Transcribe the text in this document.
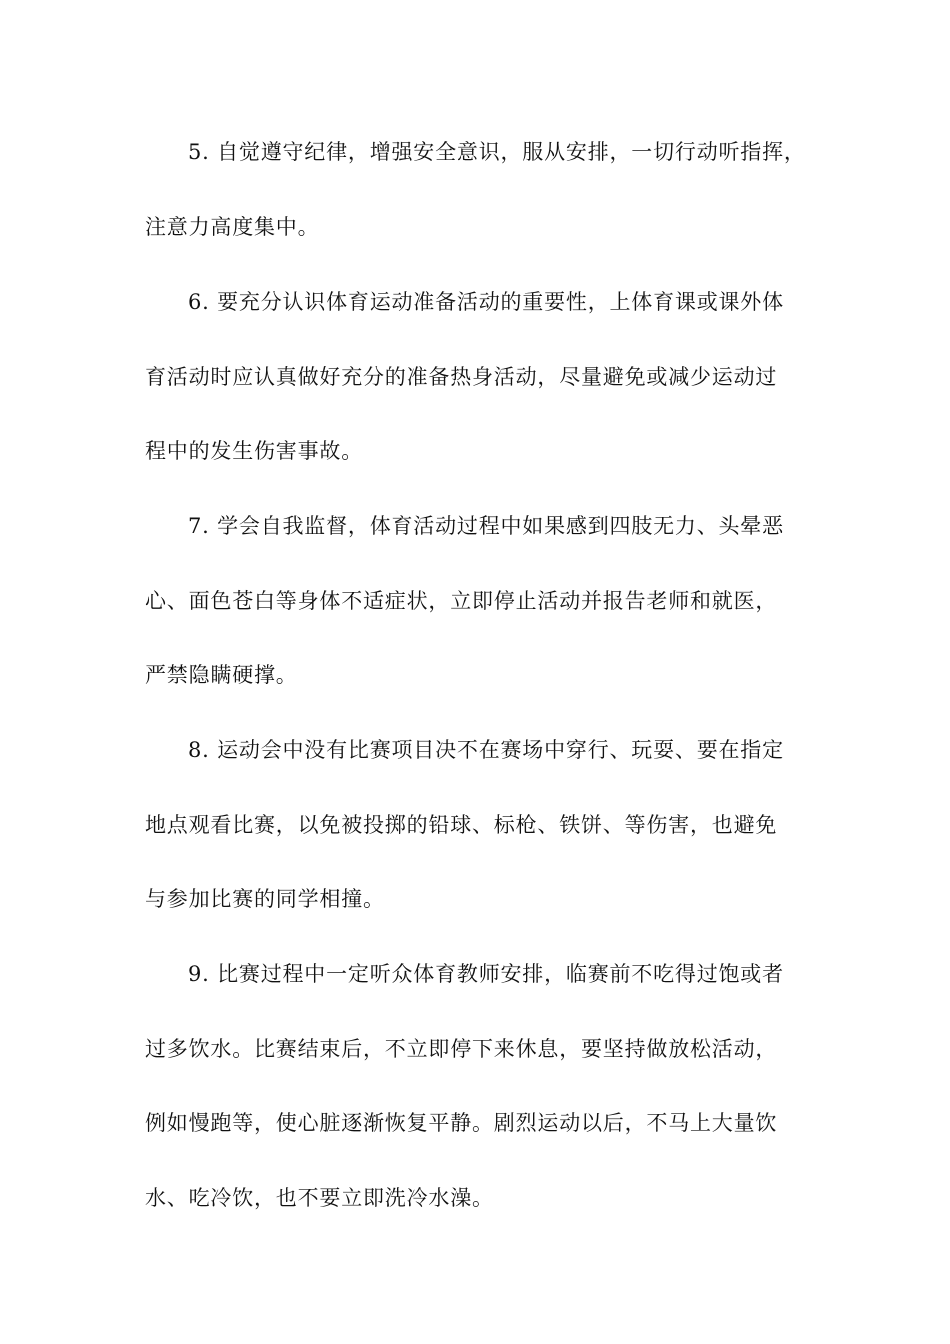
5. 自觉遵守纪律，增强安全意识，服从安排，一切行动听指挥，
注意力高度集中。
6. 要充分认识体育运动准备活动的重要性，上体育课或课外体
育活动时应认真做好充分的准备热身活动，尽量避免或减少运动过
程中的发生伤害事故。
7. 学会自我监督，体育活动过程中如果感到四肢无力、头晕恶
心、面色苍白等身体不适症状，立即停止活动并报告老师和就医，
严禁隐瞒硬撑。
8. 运动会中没有比赛项目决不在赛场中穿行、玩耍、要在指定
地点观看比赛，以免被投掷的铅球、标枪、铁饼、等伤害，也避免
与参加比赛的同学相撞。
9. 比赛过程中一定听众体育教师安排，临赛前不吃得过饱或者
过多饮水。比赛结束后，不立即停下来休息，要坚持做放松活动，
例如慢跑等，使心脏逐渐恢复平静。剧烈运动以后，不马上大量饮
水、吃冷饮，也不要立即洗冷水澡。
